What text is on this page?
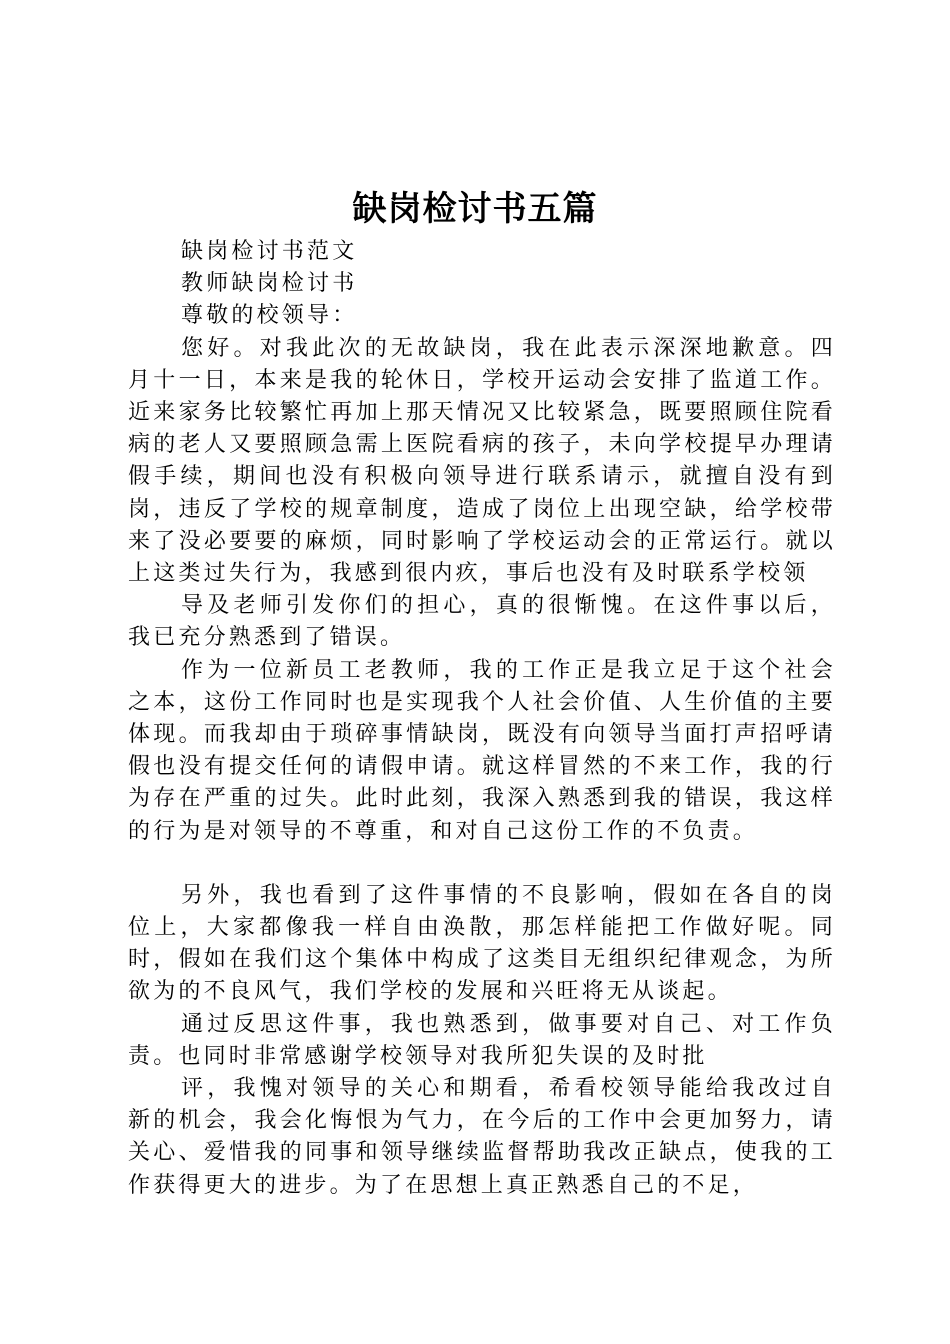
缺岗检讨书五篇

缺岗检讨书范文

教师缺岗检讨书

尊敬的校领导：

您好。对我此次的无故缺岗，我在此表示深深地歉意。四月十一日，本来是我的轮休日，学校开运动会安排了监道工作。近来家务比较繁忙再加上那天情况又比较紧急，既要照顾住院看病的老人又要照顾急需上医院看病的孩子，未向学校提早办理请假手续，期间也没有积极向领导进行联系请示，就擅自没有到岗，违反了学校的规章制度，造成了岗位上出现空缺，给学校带来了没必要要的麻烦，同时影响了学校运动会的正常运行。就以上这类过失行为，我感到很内疚，事后也没有及时联系学校领

导及老师引发你们的担心，真的很惭愧。在这件事以后，我已充分熟悉到了错误。

作为一位新员工老教师，我的工作正是我立足于这个社会之本，这份工作同时也是实现我个人社会价值、人生价值的主要体现。而我却由于琐碎事情缺岗，既没有向领导当面打声招呼请假也没有提交任何的请假申请。就这样冒然的不来工作，我的行为存在严重的过失。此时此刻，我深入熟悉到我的错误，我这样的行为是对领导的不尊重，和对自己这份工作的不负责。

另外，我也看到了这件事情的不良影响，假如在各自的岗位上，大家都像我一样自由涣散，那怎样能把工作做好呢。同时，假如在我们这个集体中构成了这类目无组织纪律观念，为所欲为的不良风气，我们学校的发展和兴旺将无从谈起。

通过反思这件事，我也熟悉到，做事要对自己、对工作负责。也同时非常感谢学校领导对我所犯失误的及时批

评，我愧对领导的关心和期看，希看校领导能给我改过自新的机会，我会化悔恨为气力，在今后的工作中会更加努力，请关心、爱惜我的同事和领导继续监督帮助我改正缺点，使我的工作获得更大的进步。为了在思想上真正熟悉自己的不足，
